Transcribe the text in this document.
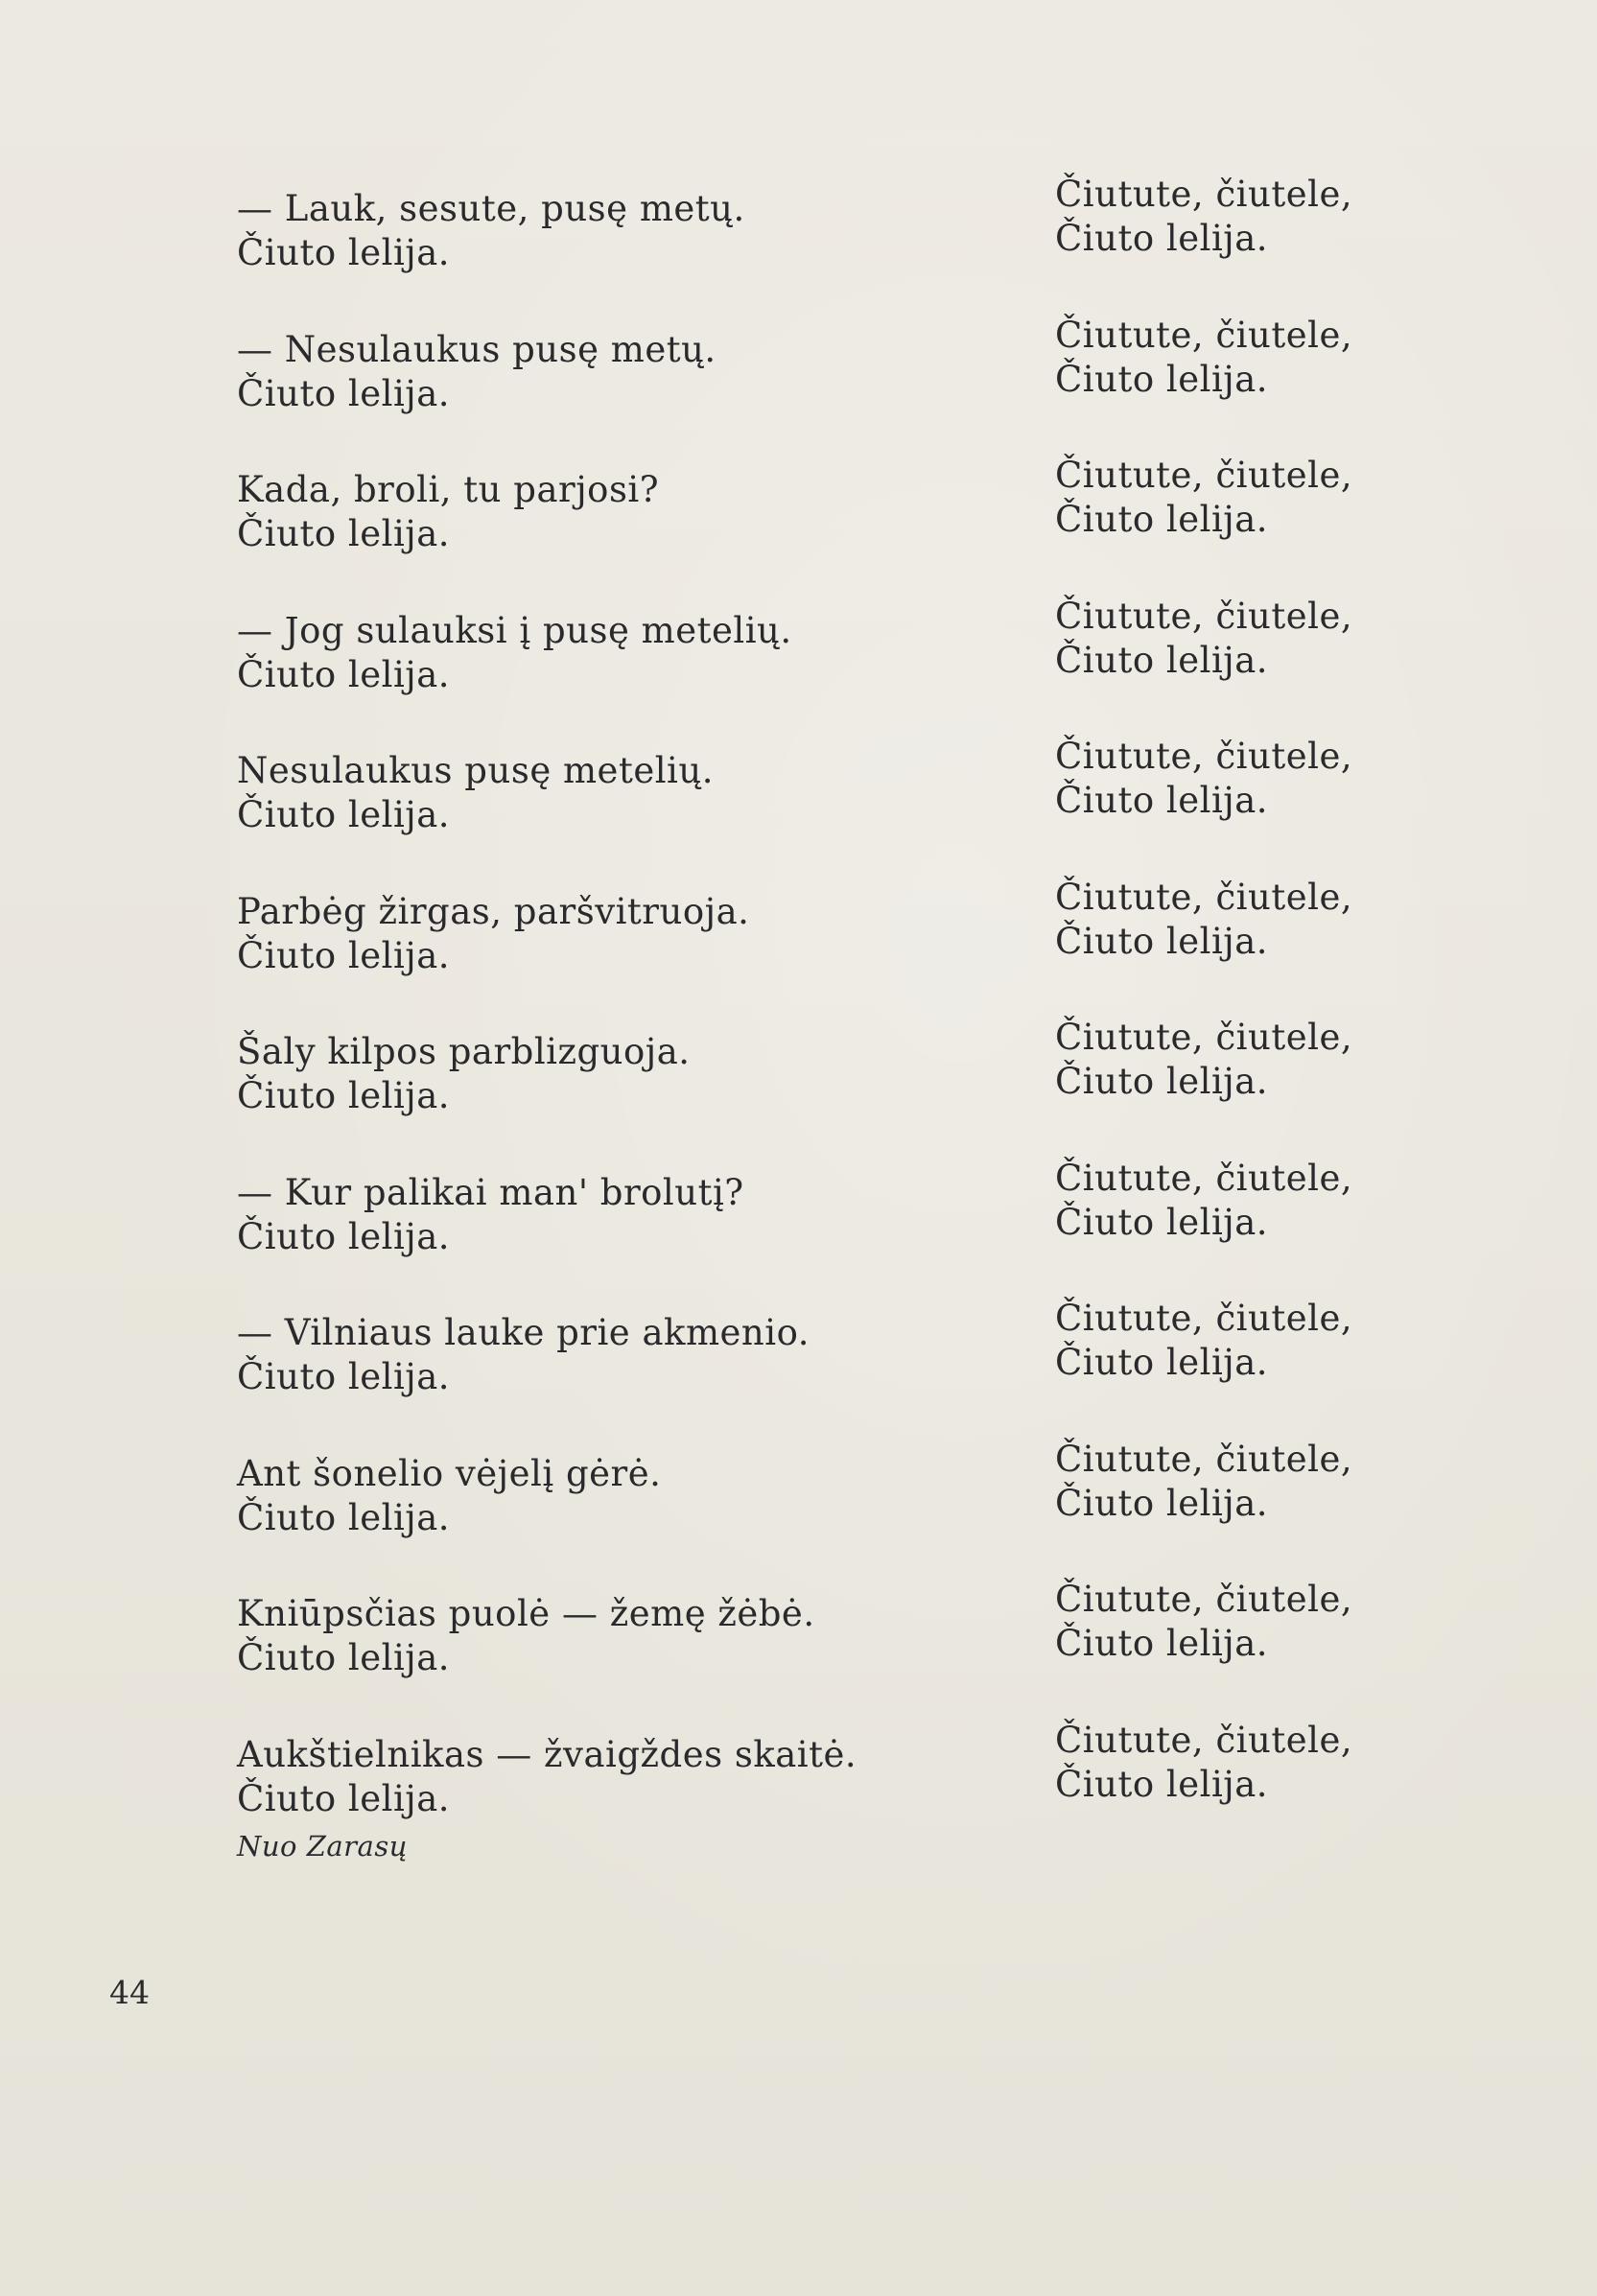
— Lauk, sesute, pusę metų.
Čiuto lelija.
— Nesulaukus pusę metų.
Čiuto lelija.
Kada, broli, tu parjosi?
Čiuto lelija.
— Jog sulauksi į pusę metelių.
Čiuto lelija.
Nesulaukus pusę metelių.
Čiuto lelija.
Parbėg žirgas, paršvitruoja.
Čiuto lelija.
Šaly kilpos parblizguoja.
Čiuto lelija.
— Kur palikai man' brolutį?
Čiuto lelija.
— Vilniaus lauke prie akmenio.
Čiuto lelija.
Ant šonelio vėjelį gėrė.
Čiuto lelija.
Kniūpsčias puolė — žemę žėbė.
Čiuto lelija.
Aukštielnikas — žvaigždes skaitė.
Čiuto lelija.
Čiutute, čiutele,
Čiuto lelija.
Čiutute, čiutele,
Čiuto lelija.
Čiutute, čiutele,
Čiuto lelija.
Čiutute, čiutele,
Čiuto lelija.
Čiutute, čiutele,
Čiuto lelija.
Čiutute, čiutele,
Čiuto lelija.
Čiutute, čiutele,
Čiuto lelija.
Čiutute, čiutele,
Čiuto lelija.
Čiutute, čiutele,
Čiuto lelija.
Čiutute, čiutele,
Čiuto lelija.
Čiutute, čiutele,
Čiuto lelija.
Čiutute, čiutele,
Čiuto lelija.
Nuo Zarasų
44
